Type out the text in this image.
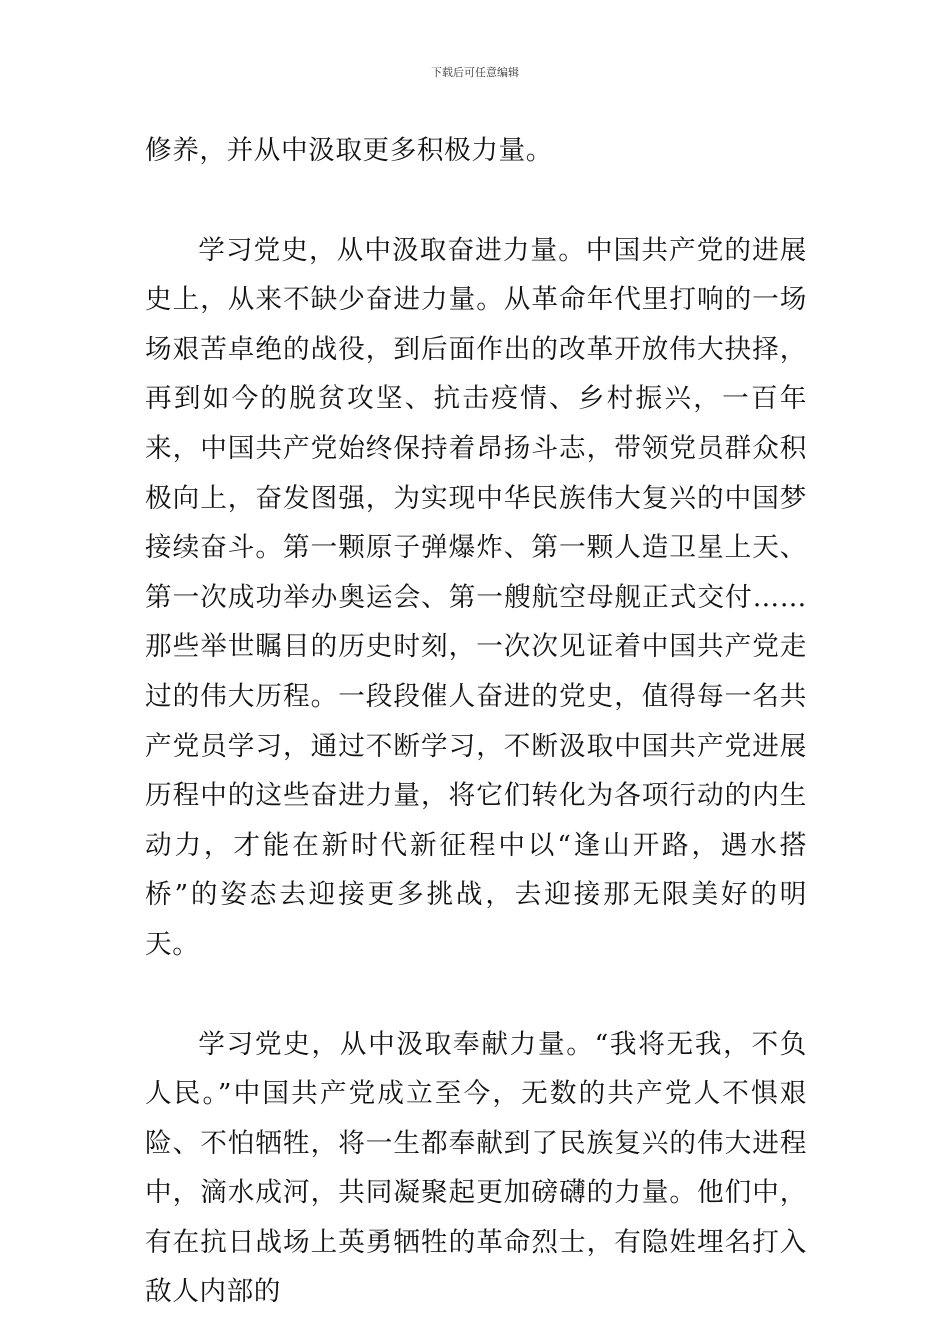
下载后可任意编辑

修养，并从中汲取更多积极力量。

学习党史，从中汲取奋进力量。中国共产党的进展史上，从来不缺少奋进力量。从革命年代里打响的一场场艰苦卓绝的战役，到后面作出的改革开放伟大抉择，再到如今的脱贫攻坚、抗击疫情、乡村振兴，一百年来，中国共产党始终保持着昂扬斗志，带领党员群众积极向上，奋发图强，为实现中华民族伟大复兴的中国梦接续奋斗。第一颗原子弹爆炸、第一颗人造卫星上天、第一次成功举办奥运会、第一艘航空母舰正式交付……那些举世瞩目的历史时刻，一次次见证着中国共产党走过的伟大历程。一段段催人奋进的党史，值得每一名共产党员学习，通过不断学习，不断汲取中国共产党进展历程中的这些奋进力量，将它们转化为各项行动的内生动力，才能在新时代新征程中以“逢山开路，遇水搭桥”的姿态去迎接更多挑战，去迎接那无限美好的明天。

学习党史，从中汲取奉献力量。“我将无我，不负人民。”中国共产党成立至今，无数的共产党人不惧艰险、不怕牺牲，将一生都奉献到了民族复兴的伟大进程中，滴水成河，共同凝聚起更加磅礴的力量。他们中，有在抗日战场上英勇牺牲的革命烈士，有隐姓埋名打入敌人内部的
